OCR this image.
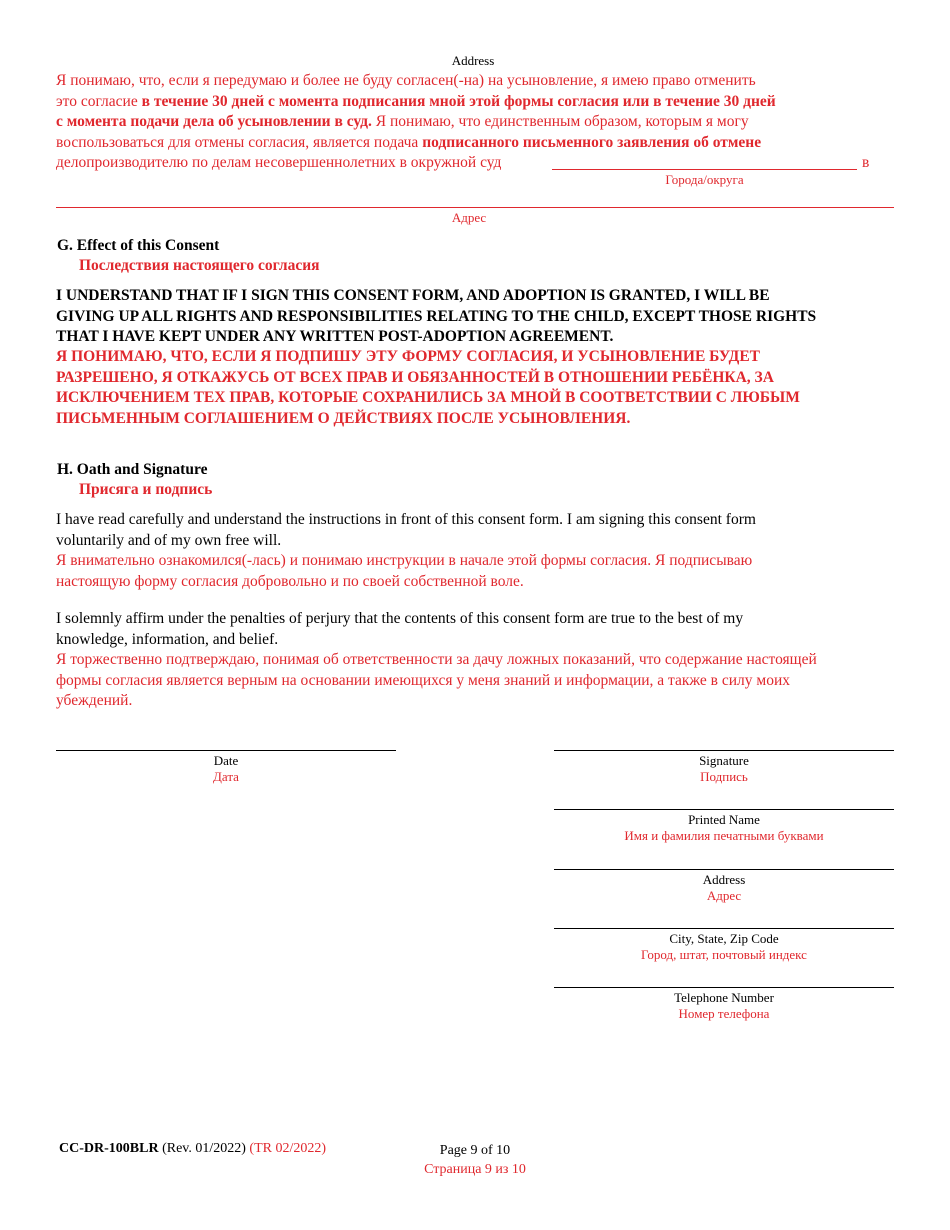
Address
Я понимаю, что, если я передумаю и более не буду согласен(-на) на усыновление, я имею право отменить
это согласие в течение 30 дней с момента подписания мной этой формы согласия или в течение 30 дней
с момента подачи дела об усыновлении в суд. Я понимаю, что единственным образом, которым я могу
воспользоваться для отмены согласия, является подача подписанного письменного заявления об отмене
делопроизводителю по делам несовершеннолетних в окружной суд	в
Города/округа
Адрес
G. Effect of this Consent
Последствия настоящего согласия
I UNDERSTAND THAT IF I SIGN THIS CONSENT FORM, AND ADOPTION IS GRANTED, I WILL BE
GIVING UP ALL RIGHTS AND RESPONSIBILITIES RELATING TO THE CHILD, EXCEPT THOSE RIGHTS
THAT I HAVE KEPT UNDER ANY WRITTEN POST-ADOPTION AGREEMENT.
Я ПОНИМАЮ, ЧТО, ЕСЛИ Я ПОДПИШУ ЭТУ ФОРМУ СОГЛАСИЯ, И УСЫНОВЛЕНИЕ БУДЕТ
РАЗРЕШЕНО, Я ОТКАЖУСЬ ОТ ВСЕХ ПРАВ И ОБЯЗАННОСТЕЙ В ОТНОШЕНИИ РЕБЁНКА, ЗА
ИСКЛЮЧЕНИЕМ ТЕХ ПРАВ, КОТОРЫЕ СОХРАНИЛИСЬ ЗА МНОЙ В СООТВЕТСТВИИ С ЛЮБЫМ
ПИСЬМЕННЫМ СОГЛАШЕНИЕМ О ДЕЙСТВИЯХ ПОСЛЕ УСЫНОВЛЕНИЯ.
H. Oath and Signature
Присяга и подпись
I have read carefully and understand the instructions in front of this consent form. I am signing this consent form
voluntarily and of my own free will.
Я внимательно ознакомился(-лась) и понимаю инструкции в начале этой формы согласия. Я подписываю
настоящую форму согласия добровольно и по своей собственной воле.
I solemnly affirm under the penalties of perjury that the contents of this consent form are true to the best of my
knowledge, information, and belief.
Я торжественно подтверждаю, понимая об ответственности за дачу ложных показаний, что содержание настоящей
формы согласия является верным на основании имеющихся у меня знаний и информации, а также в силу моих
убеждений.
Date
Дата
Signature
Подпись
Printed Name
Имя и фамилия печатными буквами
Address
Адрес
City, State, Zip Code
Город, штат, почтовый индекс
Telephone Number
Номер телефона
CC-DR-100BLR (Rev. 01/2022) (TR 02/2022)	Page 9 of 10
Страница 9 из 10
